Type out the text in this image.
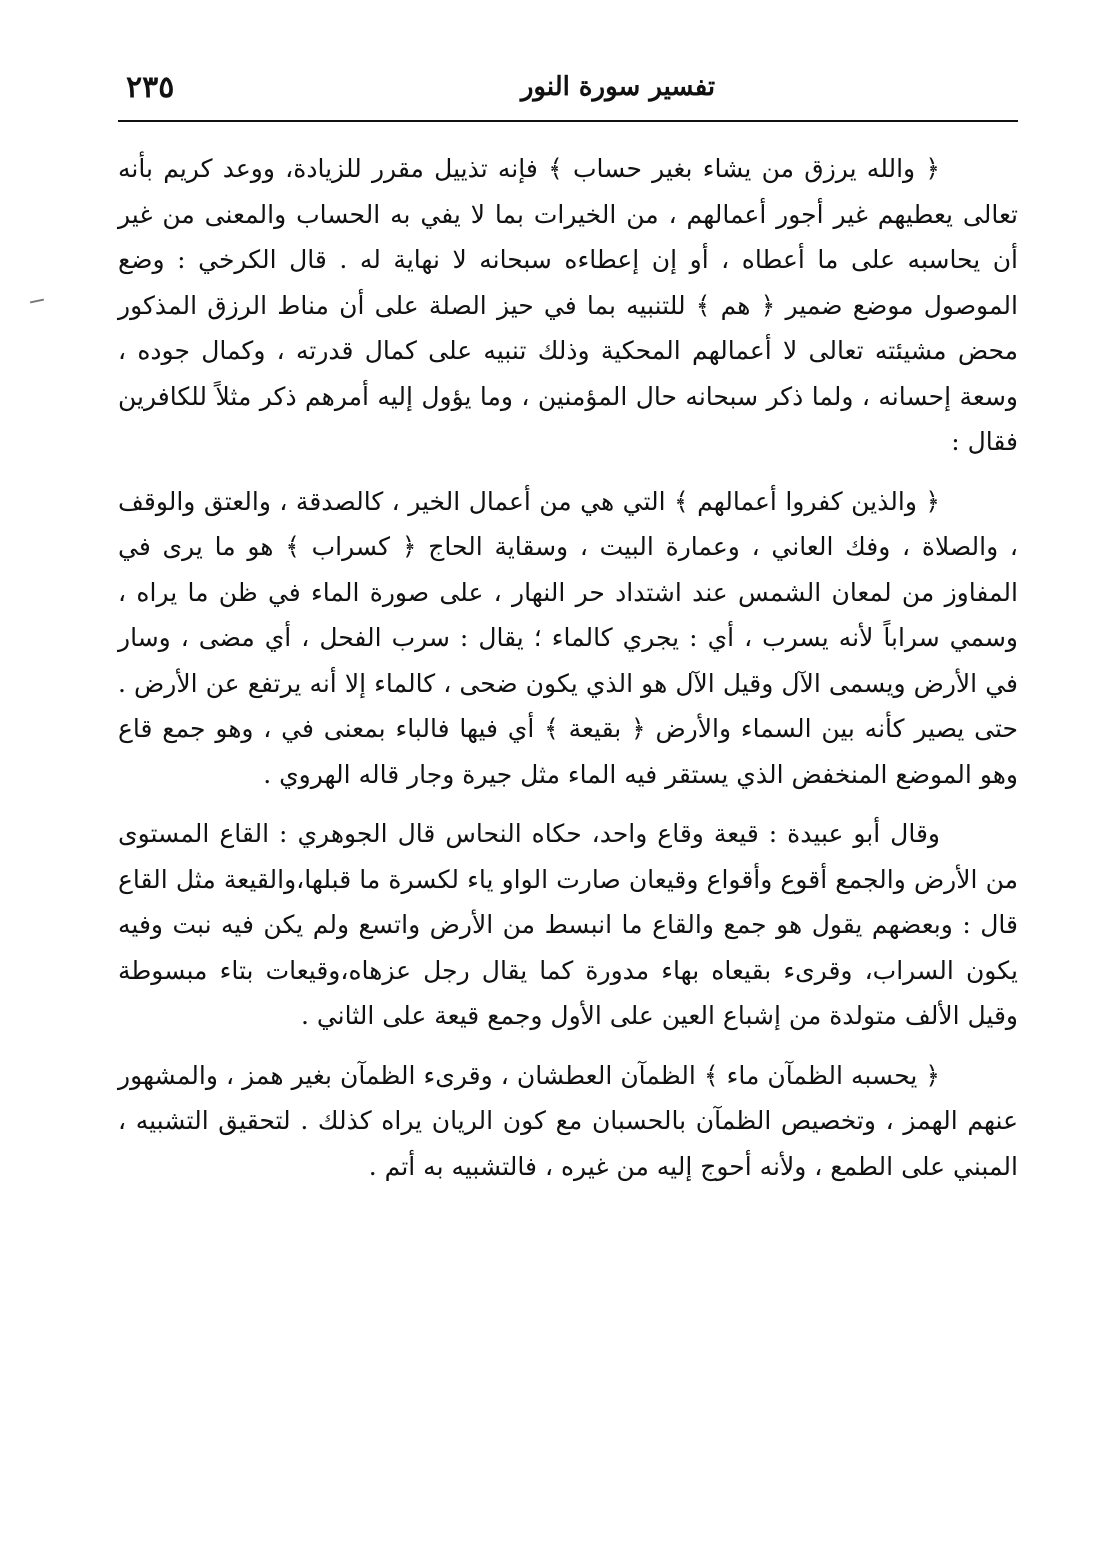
تفسير سورة النور
٢٣٥

﴿ والله يرزق من يشاء بغير حساب ﴾ فإنه تذييل مقرر للزيادة، ووعد كريم بأنه تعالى يعطيهم غير أجور أعمالهم ، من الخيرات بما لا يفي به الحساب والمعنى من غير أن يحاسبه على ما أعطاه ، أو إن إعطاءه سبحانه لا نهاية له . قال الكرخي : وضع الموصول موضع ضمير ﴿ هم ﴾ للتنبيه بما في حيز الصلة على أن مناط الرزق المذكور محض مشيئته تعالى لا أعمالهم المحكية وذلك تنبيه على كمال قدرته ، وكمال جوده ، وسعة إحسانه ، ولما ذكر سبحانه حال المؤمنين ، وما يؤول إليه أمرهم ذكر مثلاً للكافرين فقال :

﴿ والذين كفروا أعمالهم ﴾ التي هي من أعمال الخير ، كالصدقة ، والعتق والوقف ، والصلاة ، وفك العاني ، وعمارة البيت ، وسقاية الحاج ﴿ كسراب ﴾ هو ما يرى في المفاوز من لمعان الشمس عند اشتداد حر النهار ، على صورة الماء في ظن ما يراه ، وسمي سراباً لأنه يسرب ، أي : يجري كالماء ؛ يقال : سرب الفحل ، أي مضى ، وسار في الأرض ويسمى الآل وقيل الآل هو الذي يكون ضحى ، كالماء إلا أنه يرتفع عن الأرض . حتى يصير كأنه بين السماء والأرض ﴿ بقيعة ﴾ أي فيها فالباء بمعنى في ، وهو جمع قاع وهو الموضع المنخفض الذي يستقر فيه الماء مثل جيرة وجار قاله الهروي .

وقال أبو عبيدة : قيعة وقاع واحد، حكاه النحاس قال الجوهري : القاع المستوى من الأرض والجمع أقوع وأقواع وقيعان صارت الواو ياء لكسرة ما قبلها،والقيعة مثل القاع قال : وبعضهم يقول هو جمع والقاع ما انبسط من الأرض واتسع ولم يكن فيه نبت وفيه يكون السراب، وقرىء بقيعاه بهاء مدورة كما يقال رجل عزهاه،وقيعات بتاء مبسوطة وقيل الألف متولدة من إشباع العين على الأول وجمع قيعة على الثاني .

﴿ يحسبه الظمآن ماء ﴾ الظمآن العطشان ، وقرىء الظمآن بغير همز ، والمشهور عنهم الهمز ، وتخصيص الظمآن بالحسبان مع كون الريان يراه كذلك . لتحقيق التشبيه ، المبني على الطمع ، ولأنه أحوج إليه من غيره ، فالتشبيه به أتم .
